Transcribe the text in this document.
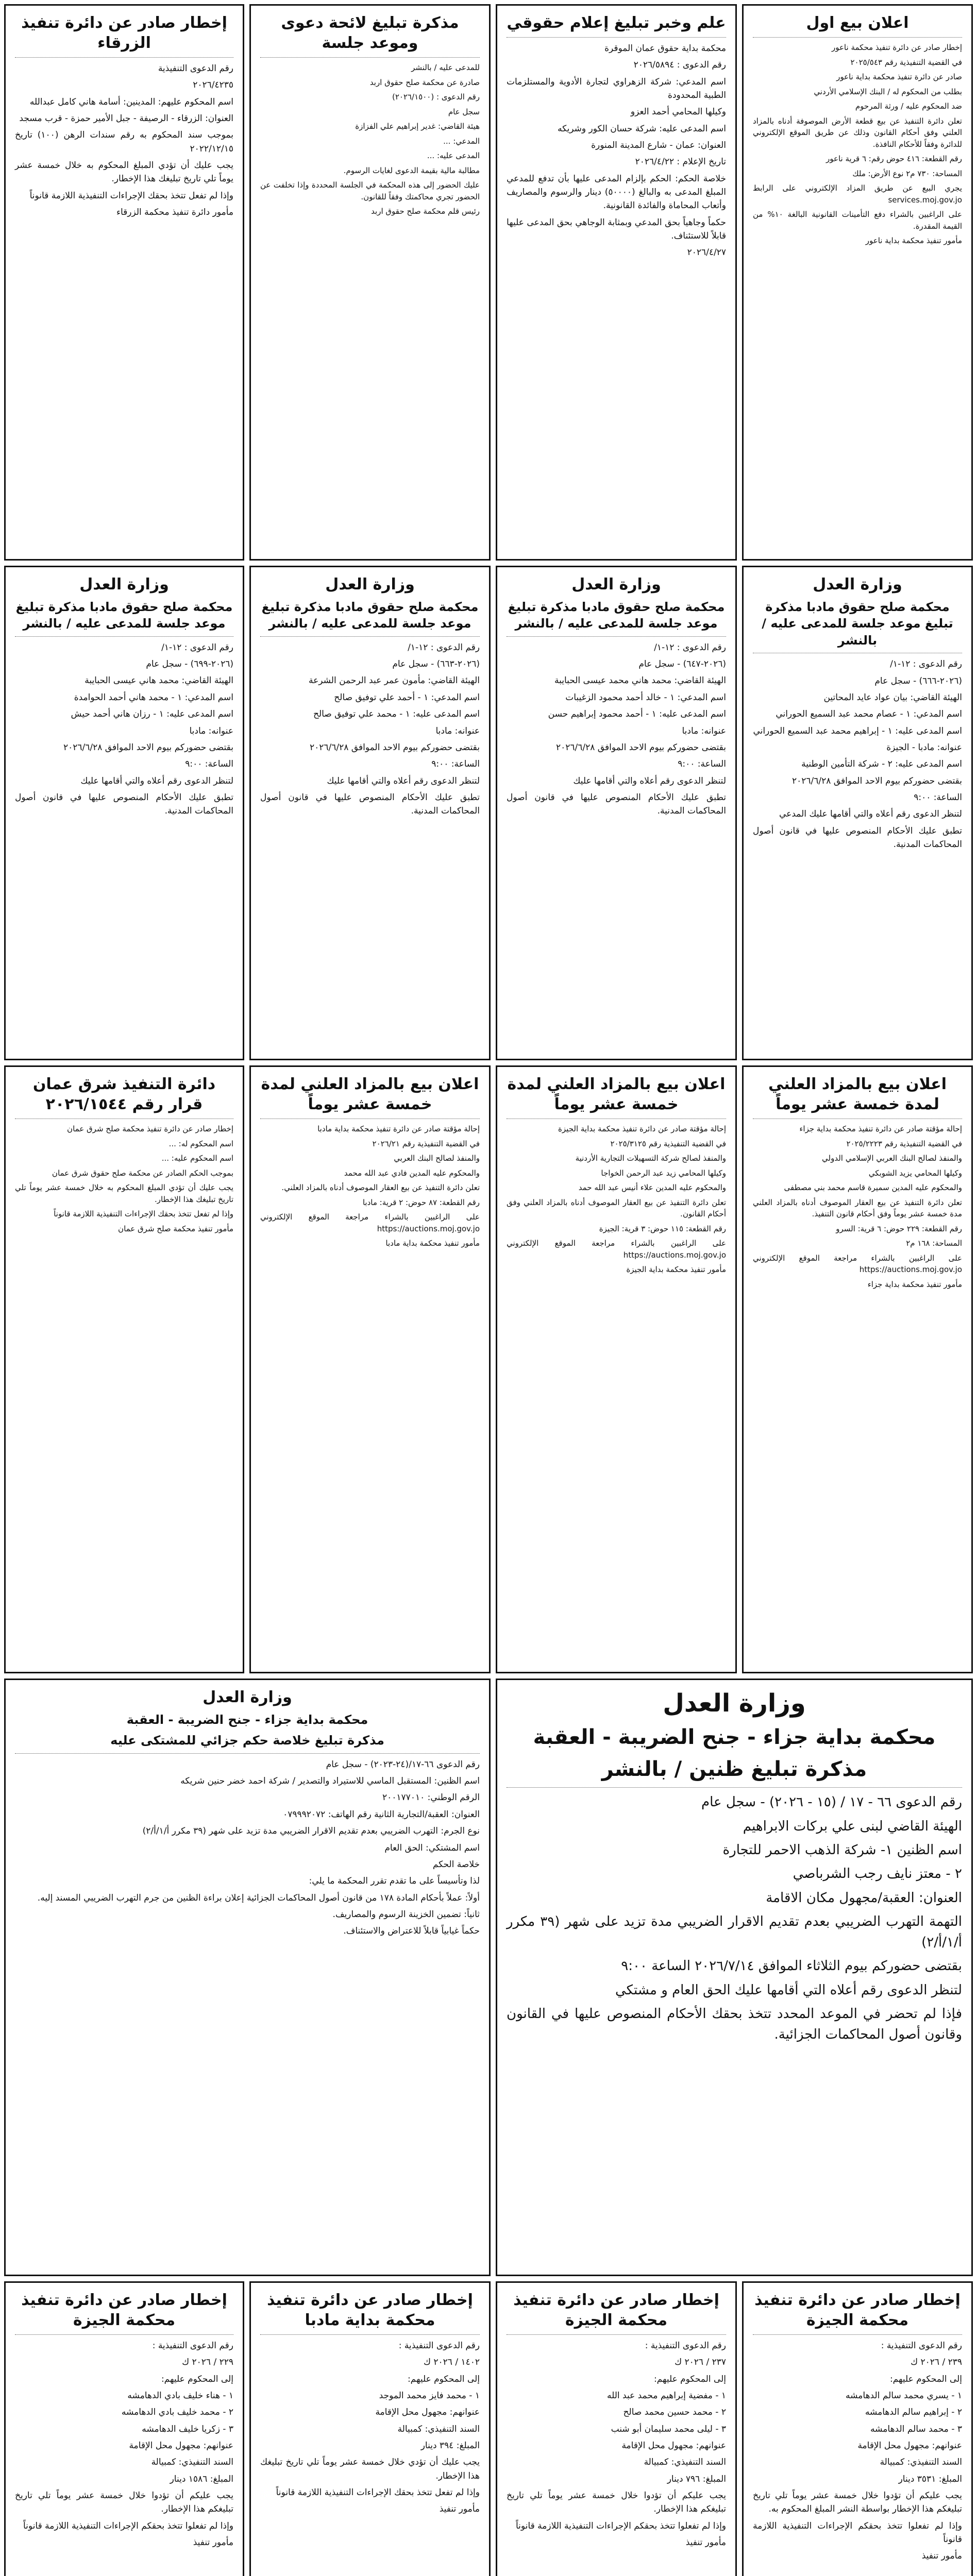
اعلان بيع اول

إخطار صادر عن دائرة تنفيذ محكمة ناعور

في القضية التنفيذية رقم ٢٠٢٥/٥٤٣

صادر عن دائرة تنفيذ محكمة بداية ناعور

بطلب من المحكوم له / البنك الإسلامي الأردني

ضد المحكوم عليه / ورثة المرحوم

تعلن دائرة التنفيذ عن بيع قطعة الأرض الموصوفة أدناه بالمزاد العلني وفق أحكام القانون وذلك عن طريق الموقع الإلكتروني للدائرة وفقاً للأحكام النافذة.

رقم القطعة: ٤١٦ حوض رقم: ٦ قرية ناعور

المساحة: ٧٣٠ م٢ نوع الأرض: ملك

يجري البيع عن طريق المزاد الإلكتروني على الرابط services.moj.gov.jo

على الراغبين بالشراء دفع التأمينات القانونية البالغة ١٠% من القيمة المقدرة.

مأمور تنفيذ محكمة بداية ناعور

علم وخبر تبليغ إعلام حقوقي

محكمة بداية حقوق عمان الموقرة

رقم الدعوى : ٢٠٢٦/٥٨٩٤

اسم المدعي: شركة الزهراوي لتجارة الأدوية والمستلزمات الطبية المحدودة

وكيلها المحامي أحمد العزو

اسم المدعى عليه: شركة حسان الكور وشريكه

العنوان: عمان - شارع المدينة المنورة

تاريخ الإعلام : ٢٠٢٦/٤/٢٢

خلاصة الحكم: الحكم بإلزام المدعى عليها بأن تدفع للمدعي المبلغ المدعى به والبالغ (٥٠٠٠٠) دينار والرسوم والمصاريف وأتعاب المحاماة والفائدة القانونية.

حكماً وجاهياً بحق المدعي وبمثابة الوجاهي بحق المدعى عليها قابلاً للاستئناف.

٢٠٢٦/٤/٢٧

مذكرة تبليغ لائحة دعوى وموعد جلسة

للمدعى عليه / بالنشر

صادرة عن محكمة صلح حقوق اربد

رقم الدعوى : (٢٠٢٦/١٥٠٠)

سجل عام

هيئة القاضي: غدير إبراهيم علي الفزازة

المدعي: ...

المدعى عليه: ...

مطالبة مالية بقيمة الدعوى لغايات الرسوم.

عليك الحضور إلى هذه المحكمة في الجلسة المحددة وإذا تخلفت عن الحضور تجري محاكمتك وفقاً للقانون.

رئيس قلم محكمة صلح حقوق اربد

إخطار صادر عن دائرة تنفيذ الزرقاء

رقم الدعوى التنفيذية

٢٠٢٦/٤٢٣٥

اسم المحكوم عليهم: المدينين: أسامة هاني كامل عبدالله

العنوان: الزرقاء - الرصيفة - جبل الأمير حمزة - قرب مسجد

بموجب سند المحكوم به رقم سندات الرهن (١٠٠) تاريخ ٢٠٢٢/١٢/١٥

يجب عليك أن تؤدي المبلغ المحكوم به خلال خمسة عشر يوماً تلي تاريخ تبليغك هذا الإخطار.

وإذا لم تفعل تتخذ بحقك الإجراءات التنفيذية اللازمة قانوناً

مأمور دائرة تنفيذ محكمة الزرقاء

وزارة العدل
محكمة صلح حقوق مادبا مذكرة تبليغ موعد جلسة للمدعى عليه / بالنشر

رقم الدعوى : ١٢-١/

(٢٠٢٦-٦٦٦) - سجل عام

الهيئة القاضي: بيان عواد عايد المحاتين

اسم المدعي: ١ - عصام محمد عبد السميع الحوراني

اسم المدعى عليه: ١ - إبراهيم محمد عبد السميع الحوراني

عنوانه: مادبا - الجيزة

اسم المدعى عليه: ٢ - شركة التأمين الوطنية

بقتضى حضوركم بيوم الاحد الموافق ٢٠٢٦/٦/٢٨

الساعة: ٩:٠٠

لتنظر الدعوى رقم أعلاه والتي أقامها عليك المدعي

تطبق عليك الأحكام المنصوص عليها في قانون أصول المحاكمات المدنية.

وزارة العدل
محكمة صلح حقوق مادبا مذكرة تبليغ موعد جلسة للمدعى عليه / بالنشر

رقم الدعوى : ١٢-١/

(٢٠٢٦-٦٤٧) - سجل عام

الهيئة القاضي: محمد هاني محمد عيسى الحبايبة

اسم المدعي: ١ - خالد أحمد محمود الزغيبات

اسم المدعى عليه: ١ - أحمد محمود إبراهيم حسن

عنوانه: مادبا

بقتضى حضوركم بيوم الاحد الموافق ٢٠٢٦/٦/٢٨

الساعة: ٩:٠٠

لتنظر الدعوى رقم أعلاه والتي أقامها عليك

تطبق عليك الأحكام المنصوص عليها في قانون أصول المحاكمات المدنية.

وزارة العدل
محكمة صلح حقوق مادبا مذكرة تبليغ موعد جلسة للمدعى عليه / بالنشر

رقم الدعوى : ١٢-١/

(٢٠٢٦-٦٦٣) - سجل عام

الهيئة القاضي: مأمون عمر عبد الرحمن الشرعة

اسم المدعي: ١ - أحمد علي توفيق صالح

اسم المدعى عليه: ١ - محمد علي توفيق صالح

عنوانه: مادبا

بقتضى حضوركم بيوم الاحد الموافق ٢٠٢٦/٦/٢٨

الساعة: ٩:٠٠

لتنظر الدعوى رقم أعلاه والتي أقامها عليك

تطبق عليك الأحكام المنصوص عليها في قانون أصول المحاكمات المدنية.

وزارة العدل
محكمة صلح حقوق مادبا مذكرة تبليغ موعد جلسة للمدعى عليه / بالنشر

رقم الدعوى : ١٢-١/

(٢٠٢٦-٦٩٩) - سجل عام

الهيئة القاضي: محمد هاني عيسى الحبايبة

اسم المدعي: ١ - محمد هاني أحمد الحوامدة

اسم المدعى عليه: ١ - رزان هاني أحمد حيش

عنوانه: مادبا

بقتضى حضوركم بيوم الاحد الموافق ٢٠٢٦/٦/٢٨

الساعة: ٩:٠٠

لتنظر الدعوى رقم أعلاه والتي أقامها عليك

تطبق عليك الأحكام المنصوص عليها في قانون أصول المحاكمات المدنية.

اعلان بيع بالمزاد العلني لمدة خمسة عشر يوماً

إحالة مؤقتة صادر عن دائرة تنفيذ محكمة بداية جزاء

في القضية التنفيذية رقم ٢٠٢٥/٢٢٢٣

والمنفذ لصالح البنك العربي الإسلامي الدولي

وكيلها المحامي يزيد الشوبكي

والمحكوم عليه المدين سميرة قاسم محمد بني مصطفى

تعلن دائرة التنفيذ عن بيع العقار الموصوف أدناه بالمزاد العلني مدة خمسة عشر يوماً وفق أحكام قانون التنفيذ.

رقم القطعة: ٢٢٩ حوض: ٦ قرية: السرو

المساحة: ١٦٨ م٢

على الراغبين بالشراء مراجعة الموقع الإلكتروني https://auctions.moj.gov.jo

مأمور تنفيذ محكمة بداية جزاء

اعلان بيع بالمزاد العلني لمدة خمسة عشر يوماً

إحالة مؤقتة صادر عن دائرة تنفيذ محكمة بداية الجيزة

في القضية التنفيذية رقم ٢٠٢٥/٣١٢٥

والمنفذ لصالح شركة التسهيلات التجارية الأردنية

وكيلها المحامي زيد عبد الرحمن الخواجا

والمحكوم عليه المدين علاء أنيس عبد الله حمد

تعلن دائرة التنفيذ عن بيع العقار الموصوف أدناه بالمزاد العلني وفق أحكام القانون.

رقم القطعة: ١١٥ حوض: ٣ قرية: الجيزة

على الراغبين بالشراء مراجعة الموقع الإلكتروني https://auctions.moj.gov.jo

مأمور تنفيذ محكمة بداية الجيزة

اعلان بيع بالمزاد العلني لمدة خمسة عشر يوماً

إحالة مؤقتة صادر عن دائرة تنفيذ محكمة بداية مادبا

في القضية التنفيذية رقم ٢٠٢٦/٢١

والمنفذ لصالح البنك العربي

والمحكوم عليه المدين فادي عبد الله محمد

تعلن دائرة التنفيذ عن بيع العقار الموصوف أدناه بالمزاد العلني.

رقم القطعة: ٨٧ حوض: ٢ قرية: مادبا

على الراغبين بالشراء مراجعة الموقع الإلكتروني https://auctions.moj.gov.jo

مأمور تنفيذ محكمة بداية مادبا

دائرة التنفيذ شرق عمان قرار رقم ٢٠٢٦/١٥٤٤

إخطار صادر عن دائرة تنفيذ محكمة صلح شرق عمان

اسم المحكوم له: ...

اسم المحكوم عليه: ...

بموجب الحكم الصادر عن محكمة صلح حقوق شرق عمان

يجب عليك أن تؤدي المبلغ المحكوم به خلال خمسة عشر يوماً تلي تاريخ تبليغك هذا الإخطار.

وإذا لم تفعل تتخذ بحقك الإجراءات التنفيذية اللازمة قانوناً

مأمور تنفيذ محكمة صلح شرق عمان

وزارة العدل
محكمة بداية جزاء - جنح الضريبة - العقبة
مذكرة تبليغ ظنين / بالنشر

رقم الدعوى ٦٦ - ١٧ / (١٥ - ٢٠٢٦) - سجل عام

الهيئة القاضي لبنى علي بركات الابراهيم

اسم الظنين ١- شركة الذهب الاحمر للتجارة

٢ - معتز نايف رجب الشرباصي

العنوان: العقبة/مجهول مكان الاقامة

التهمة التهرب الضريبي بعدم تقديم الاقرار الضريبي مدة تزيد على شهر (٣٩ مكرر أ/١/أ/٢)

بقتضى حضوركم بيوم الثلاثاء الموافق ٢٠٢٦/٧/١٤ الساعة ٩:٠٠

لتنظر الدعوى رقم أعلاه التي أقامها عليك الحق العام و مشتكي

فإذا لم تحضر في الموعد المحدد تتخذ بحقك الأحكام المنصوص عليها في القانون وقانون أصول المحاكمات الجزائية.

وزارة العدل
محكمة بداية جزاء - جنح الضريبة - العقبة
مذكرة تبليغ خلاصة حكم جزائي للمشتكى عليه

رقم الدعوى ٦٦-١٧/(٢٤-٢٠٢٣) - سجل عام

اسم الظنين: المستقبل الماسي للاستيراد والتصدير / شركة احمد خضر حنين شريكه

الرقم الوطني: ٢٠٠١٧٧٠١٠

العنوان: العقبة/التجارية الثانية رقم الهاتف: ٠٧٩٩٩٢٠٧٢

نوع الجرم: التهرب الضريبي بعدم تقديم الاقرار الضريبي مدة تزيد على شهر (٣٩ مكرر أ/١/أ/٢)

اسم المشتكي: الحق العام

خلاصة الحكم

لذا وتأسيساً على ما تقدم تقرر المحكمة ما يلي:

أولاً: عملاً بأحكام المادة ١٧٨ من قانون أصول المحاكمات الجزائية إعلان براءة الظنين من جرم التهرب الضريبي المسند إليه.

ثانياً: تضمين الخزينة الرسوم والمصاريف.

حكماً غيابياً قابلاً للاعتراض والاستئناف.

إخطار صادر عن دائرة تنفيذ محكمة الجيزة

رقم الدعوى التنفيذية :

٢٣٩ / ٢٠٢٦ ك

إلى المحكوم عليهم:

١ - يسري محمد سالم الدهامشه

٢ - إبراهيم سالم الدهامشه

٣ - محمد سالم الدهامشه

عنوانهم: مجهول محل الإقامة

السند التنفيذي: كمبيالة

المبلغ: ٣٥٣١ دينار

يجب عليكم أن تؤدوا خلال خمسة عشر يوماً تلي تاريخ تبليغكم هذا الإخطار بواسطة النشر المبلغ المحكوم به.

وإذا لم تفعلوا تتخذ بحقكم الإجراءات التنفيذية اللازمة قانوناً

مأمور تنفيذ

إخطار صادر عن دائرة تنفيذ محكمة الجيزة

رقم الدعوى التنفيذية :

٢٣٧ / ٢٠٢٦ ك

إلى المحكوم عليهم:

١ - مفضية إبراهيم محمد عبد الله

٢ - محمد حسين محمد صالح

٣ - ليلى محمد سليمان أبو شنب

عنوانهم: مجهول محل الإقامة

السند التنفيذي: كمبيالة

المبلغ: ٧٩٦ دينار

يجب عليكم أن تؤدوا خلال خمسة عشر يوماً تلي تاريخ تبليغكم هذا الإخطار.

وإذا لم تفعلوا تتخذ بحقكم الإجراءات التنفيذية اللازمة قانوناً

مأمور تنفيذ

إخطار صادر عن دائرة تنفيذ محكمة بداية مادبا

رقم الدعوى التنفيذية :

١٤٠٢ / ٢٠٢٦ ك

إلى المحكوم عليهم:

١ - محمد فايز محمد الموجد

عنوانهم: مجهول محل الإقامة

السند التنفيذي: كمبيالة

المبلغ: ٣٩٤ دينار

يجب عليك أن تؤدي خلال خمسة عشر يوماً تلي تاريخ تبليغك هذا الإخطار.

وإذا لم تفعل تتخذ بحقك الإجراءات التنفيذية اللازمة قانوناً

مأمور تنفيذ

إخطار صادر عن دائرة تنفيذ محكمة الجيزة

رقم الدعوى التنفيذية :

٢٢٩ / ٢٠٢٦ ك

إلى المحكوم عليهم:

١ - هناء خليف بادي الدهامشه

٢ - محمد خليف بادي الدهامشه

٣ - زكريا خليف الدهامشه

عنوانهم: مجهول محل الإقامة

السند التنفيذي: كمبيالة

المبلغ: ١٥٨٦ دينار

يجب عليكم أن تؤدوا خلال خمسة عشر يوماً تلي تاريخ تبليغكم هذا الإخطار.

وإذا لم تفعلوا تتخذ بحقكم الإجراءات التنفيذية اللازمة قانوناً

مأمور تنفيذ
